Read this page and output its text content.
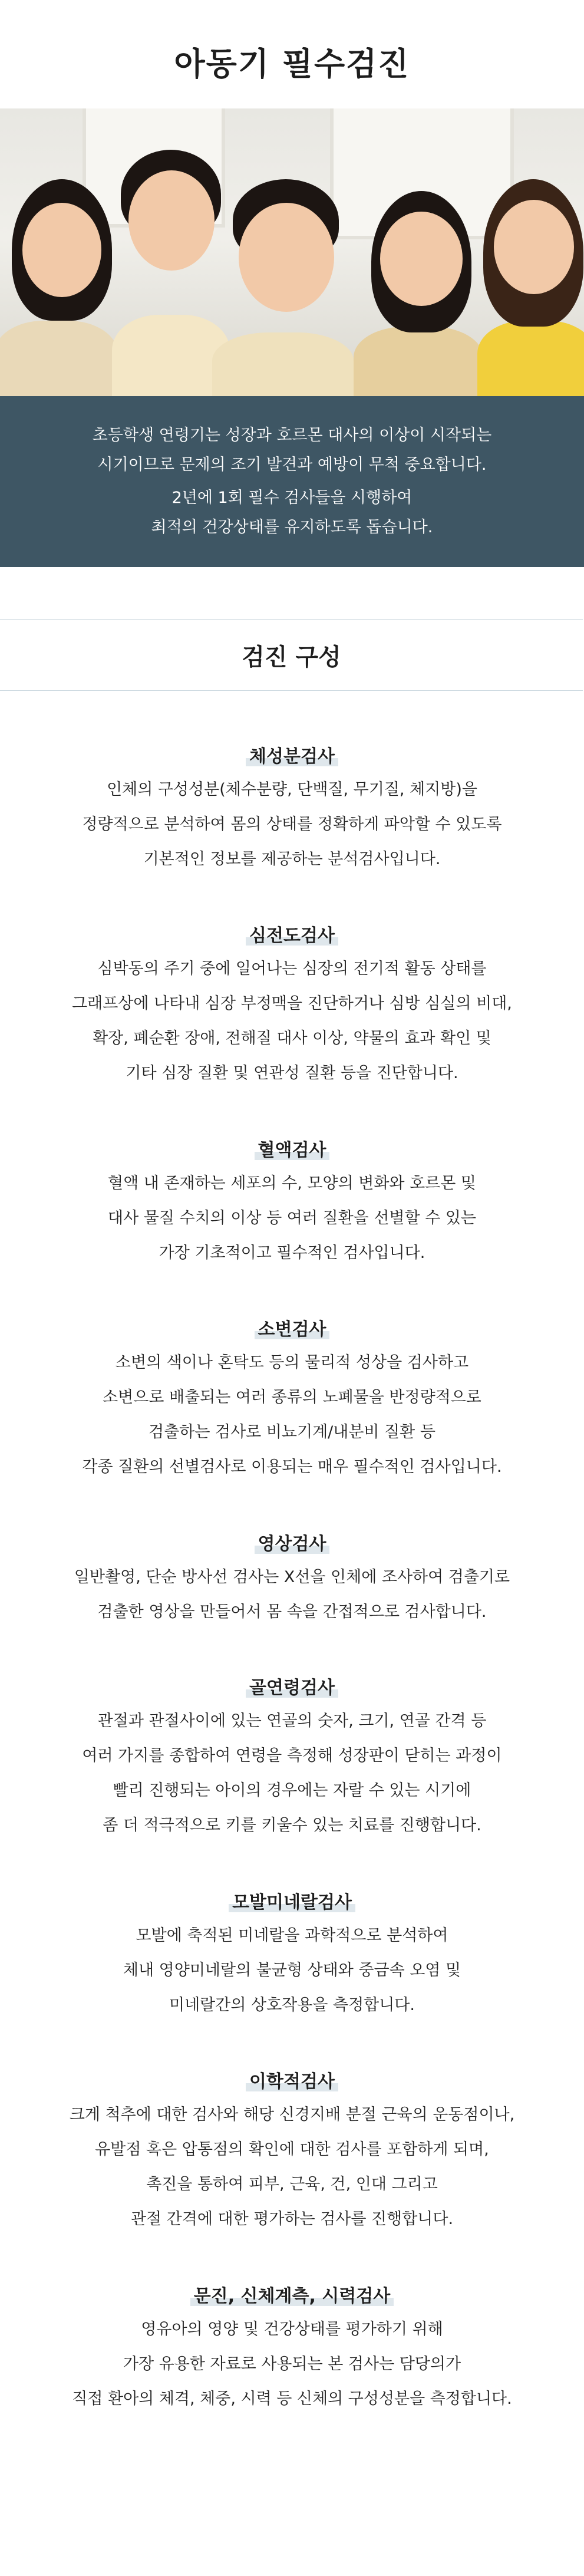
아동기 필수검진

초등학생 연령기는 성장과 호르몬 대사의 이상이 시작되는

시기이므로 문제의 조기 발견과 예방이 무척 중요합니다.

2년에 1회 필수 검사들을 시행하여

최적의 건강상태를 유지하도록 돕습니다.

검진 구성
체성분검사

인체의 구성성분(체수분량, 단백질, 무기질, 체지방)을

정량적으로 분석하여 몸의 상태를 정확하게 파악할 수 있도록

기본적인 정보를 제공하는 분석검사입니다.

심전도검사

심박동의 주기 중에 일어나는 심장의 전기적 활동 상태를

그래프상에 나타내 심장 부정맥을 진단하거나 심방 심실의 비대,

확장, 폐순환 장애, 전해질 대사 이상, 약물의 효과 확인 및

기타 심장 질환 및 연관성 질환 등을 진단합니다.

혈액검사

혈액 내 존재하는 세포의 수, 모양의 변화와 호르몬 및

대사 물질 수치의 이상 등 여러 질환을 선별할 수 있는

가장 기초적이고 필수적인 검사입니다.

소변검사

소변의 색이나 혼탁도 등의 물리적 성상을 검사하고

소변으로 배출되는 여러 종류의 노폐물을 반정량적으로

검출하는 검사로 비뇨기계/내분비 질환 등

각종 질환의 선별검사로 이용되는 매우 필수적인 검사입니다.

영상검사

일반촬영, 단순 방사선 검사는 X선을 인체에 조사하여 검출기로

검출한 영상을 만들어서 몸 속을 간접적으로 검사합니다.

골연령검사

관절과 관절사이에 있는 연골의 숫자, 크기, 연골 간격 등

여러 가지를 종합하여 연령을 측정해 성장판이 닫히는 과정이

빨리 진행되는 아이의 경우에는 자랄 수 있는 시기에

좀 더 적극적으로 키를 키울수 있는 치료를 진행합니다.

모발미네랄검사

모발에 축적된 미네랄을 과학적으로 분석하여

체내 영양미네랄의 불균형 상태와 중금속 오염 및

미네랄간의 상호작용을 측정합니다.

이학적검사

크게 척추에 대한 검사와 해당 신경지배 분절 근육의 운동점이나,

유발점 혹은 압통점의 확인에 대한 검사를 포함하게 되며,

촉진을 통하여 피부, 근육, 건, 인대 그리고

관절 간격에 대한 평가하는 검사를 진행합니다.

문진, 신체계측, 시력검사

영유아의 영양 및 건강상태를 평가하기 위해

가장 유용한 자료로 사용되는 본 검사는 담당의가

직접 환아의 체격, 체중, 시력 등 신체의 구성성분을 측정합니다.
